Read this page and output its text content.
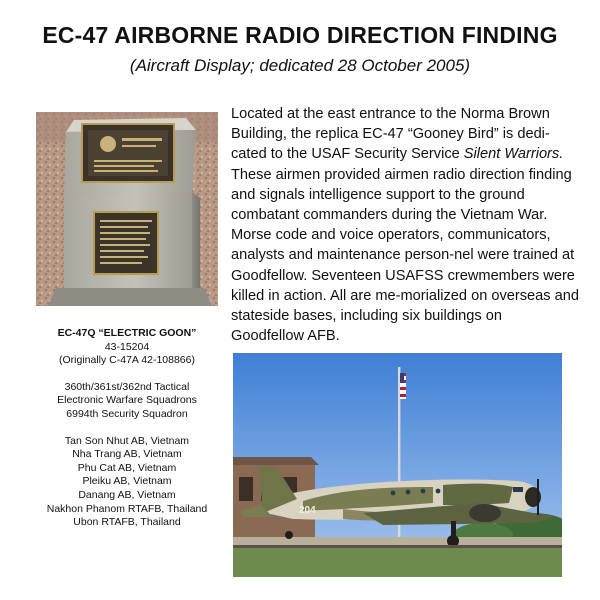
EC-47 AIRBORNE RADIO DIRECTION FINDING

(Aircraft Display; dedicated 28 October 2005)

Located at the east entrance to the Norma Brown Building, the replica EC-47 “Gooney Bird” is dedi-cated to the USAF Security Service Silent Warriors. These airmen provided airmen radio direction finding and signals intelligence support to the ground combatant commanders during the Vietnam War. Morse code and voice operators, communicators, analysts and maintenance person-nel were trained at Goodfellow. Seventeen USAFSS crewmembers were killed in action. All are me-morialized on overseas and stateside bases, including six buildings on Goodfellow AFB.

EC-47Q “ELECTRIC GOON”
43-15204
(Originally C-47A 42-108866)
360th/361st/362nd Tactical
Electronic Warfare Squadrons
6994th Security Squadron
Tan Son Nhut AB, Vietnam
Nha Trang AB, Vietnam
Phu Cat AB, Vietnam
Pleiku AB, Vietnam
Danang AB, Vietnam
Nakhon Phanom RTAFB, Thailand
Ubon RTAFB, Thailand
204
